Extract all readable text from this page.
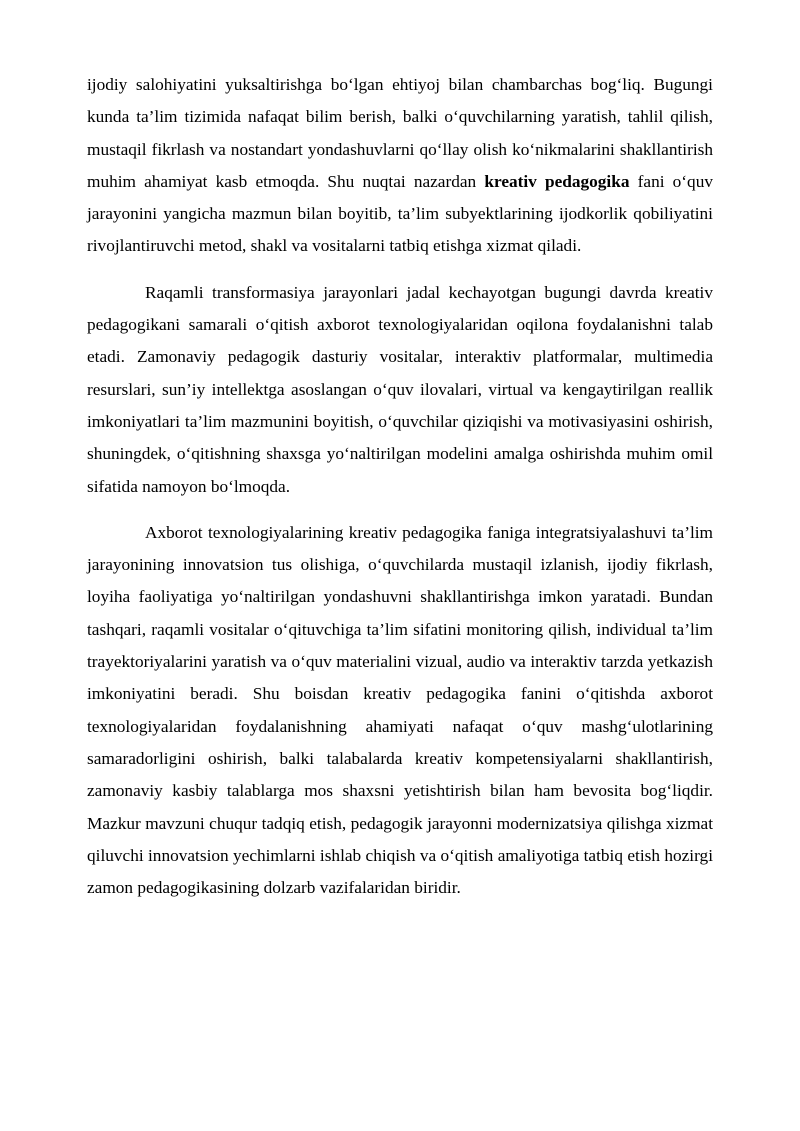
ijodiy salohiyatini yuksaltirishga bo‘lgan ehtiyoj bilan chambarchas bog‘liq. Bugungi kunda ta’lim tizimida nafaqat bilim berish, balki o‘quvchilarning yaratish, tahlil qilish, mustaqil fikrlash va nostandart yondashuvlarni qo‘llay olish ko‘nikmalarini shakllantirish muhim ahamiyat kasb etmoqda. Shu nuqtai nazardan kreativ pedagogika fani o‘quv jarayonini yangicha mazmun bilan boyitib, ta’lim subyektlarining ijodkorlik qobiliyatini rivojlantiruvchi metod, shakl va vositalarni tatbiq etishga xizmat qiladi.

Raqamli transformasiya jarayonlari jadal kechayotgan bugungi davrda kreativ pedagogikani samarali o‘qitish axborot texnologiyalaridan oqilona foydalanishni talab etadi. Zamonaviy pedagogik dasturiy vositalar, interaktiv platformalar, multimedia resurslari, sun’iy intellektga asoslangan o‘quv ilovalari, virtual va kengaytirilgan reallik imkoniyatlari ta’lim mazmunini boyitish, o‘quvchilar qiziqishi va motivasiyasini oshirish, shuningdek, o‘qitishning shaxsga yo‘naltirilgan modelini amalga oshirishda muhim omil sifatida namoyon bo‘lmoqda.

Axborot texnologiyalarining kreativ pedagogika faniga integratsiyalashuvi ta’lim jarayonining innovatsion tus olishiga, o‘quvchilarda mustaqil izlanish, ijodiy fikrlash, loyiha faoliyatiga yo‘naltirilgan yondashuvni shakllantirishga imkon yaratadi. Bundan tashqari, raqamli vositalar o‘qituvchiga ta’lim sifatini monitoring qilish, individual ta’lim trayektoriyalarini yaratish va o‘quv materialini vizual, audio va interaktiv tarzda yetkazish imkoniyatini beradi. Shu boisdan kreativ pedagogika fanini o‘qitishda axborot texnologiyalaridan foydalanishning ahamiyati nafaqat o‘quv mashg‘ulotlarining samaradorligini oshirish, balki talabalarda kreativ kompetensiyalarni shakllantirish, zamonaviy kasbiy talablarga mos shaxsni yetishtirish bilan ham bevosita bog‘liqdir. Mazkur mavzuni chuqur tadqiq etish, pedagogik jarayonni modernizatsiya qilishga xizmat qiluvchi innovatsion yechimlarni ishlab chiqish va o‘qitish amaliyotiga tatbiq etish hozirgi zamon pedagogikasining dolzarb vazifalaridan biridir.
